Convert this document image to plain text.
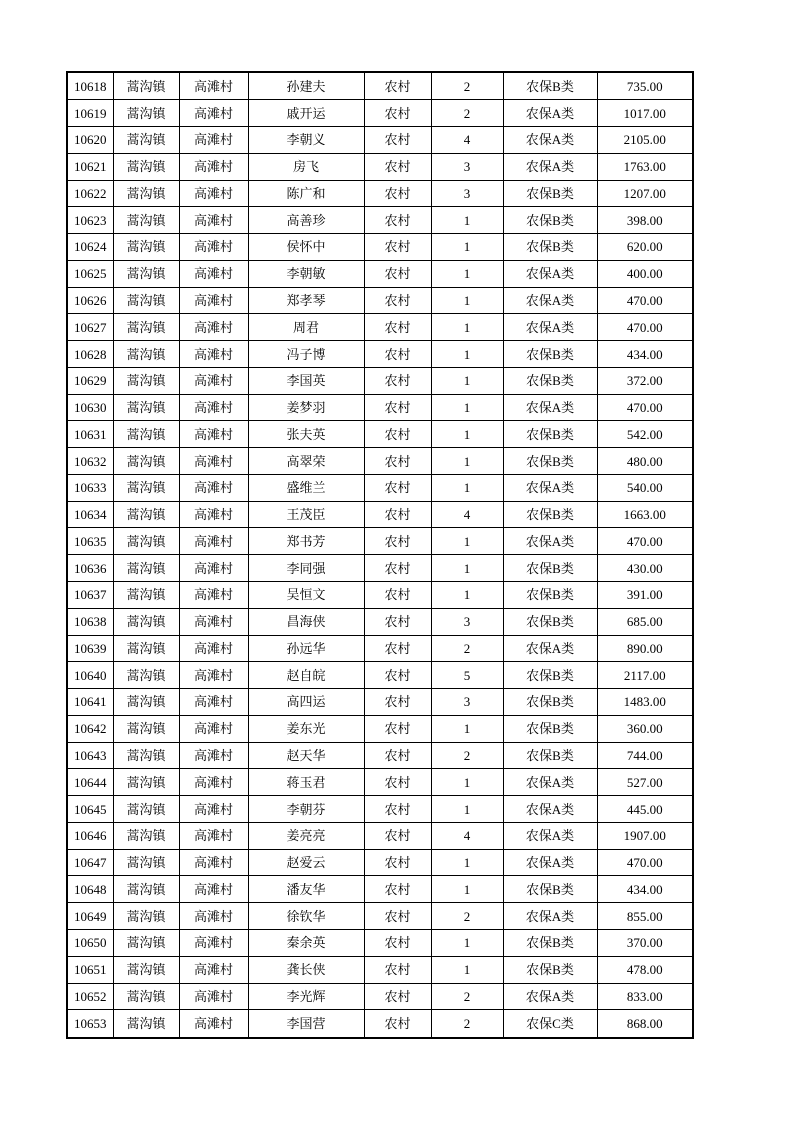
10618	蒿沟镇	高滩村	孙建夫	农村	2	农保B类	735.00
10619	蒿沟镇	高滩村	戚开运	农村	2	农保A类	1017.00
10620	蒿沟镇	高滩村	李朝义	农村	4	农保A类	2105.00
10621	蒿沟镇	高滩村	房飞	农村	3	农保A类	1763.00
10622	蒿沟镇	高滩村	陈广和	农村	3	农保B类	1207.00
10623	蒿沟镇	高滩村	高善珍	农村	1	农保B类	398.00
10624	蒿沟镇	高滩村	侯怀中	农村	1	农保B类	620.00
10625	蒿沟镇	高滩村	李朝敏	农村	1	农保A类	400.00
10626	蒿沟镇	高滩村	郑孝琴	农村	1	农保A类	470.00
10627	蒿沟镇	高滩村	周君	农村	1	农保A类	470.00
10628	蒿沟镇	高滩村	冯子博	农村	1	农保B类	434.00
10629	蒿沟镇	高滩村	李国英	农村	1	农保B类	372.00
10630	蒿沟镇	高滩村	姜梦羽	农村	1	农保A类	470.00
10631	蒿沟镇	高滩村	张夫英	农村	1	农保B类	542.00
10632	蒿沟镇	高滩村	高翠荣	农村	1	农保B类	480.00
10633	蒿沟镇	高滩村	盛维兰	农村	1	农保A类	540.00
10634	蒿沟镇	高滩村	王茂臣	农村	4	农保B类	1663.00
10635	蒿沟镇	高滩村	郑书芳	农村	1	农保A类	470.00
10636	蒿沟镇	高滩村	李同强	农村	1	农保B类	430.00
10637	蒿沟镇	高滩村	吴恒文	农村	1	农保B类	391.00
10638	蒿沟镇	高滩村	昌海侠	农村	3	农保B类	685.00
10639	蒿沟镇	高滩村	孙远华	农村	2	农保A类	890.00
10640	蒿沟镇	高滩村	赵自皖	农村	5	农保B类	2117.00
10641	蒿沟镇	高滩村	高四运	农村	3	农保B类	1483.00
10642	蒿沟镇	高滩村	姜东光	农村	1	农保B类	360.00
10643	蒿沟镇	高滩村	赵天华	农村	2	农保B类	744.00
10644	蒿沟镇	高滩村	蒋玉君	农村	1	农保A类	527.00
10645	蒿沟镇	高滩村	李朝芬	农村	1	农保A类	445.00
10646	蒿沟镇	高滩村	姜亮亮	农村	4	农保A类	1907.00
10647	蒿沟镇	高滩村	赵爱云	农村	1	农保A类	470.00
10648	蒿沟镇	高滩村	潘友华	农村	1	农保B类	434.00
10649	蒿沟镇	高滩村	徐钦华	农村	2	农保A类	855.00
10650	蒿沟镇	高滩村	秦余英	农村	1	农保B类	370.00
10651	蒿沟镇	高滩村	龚长侠	农村	1	农保B类	478.00
10652	蒿沟镇	高滩村	李光辉	农村	2	农保A类	833.00
10653	蒿沟镇	高滩村	李国营	农村	2	农保C类	868.00
